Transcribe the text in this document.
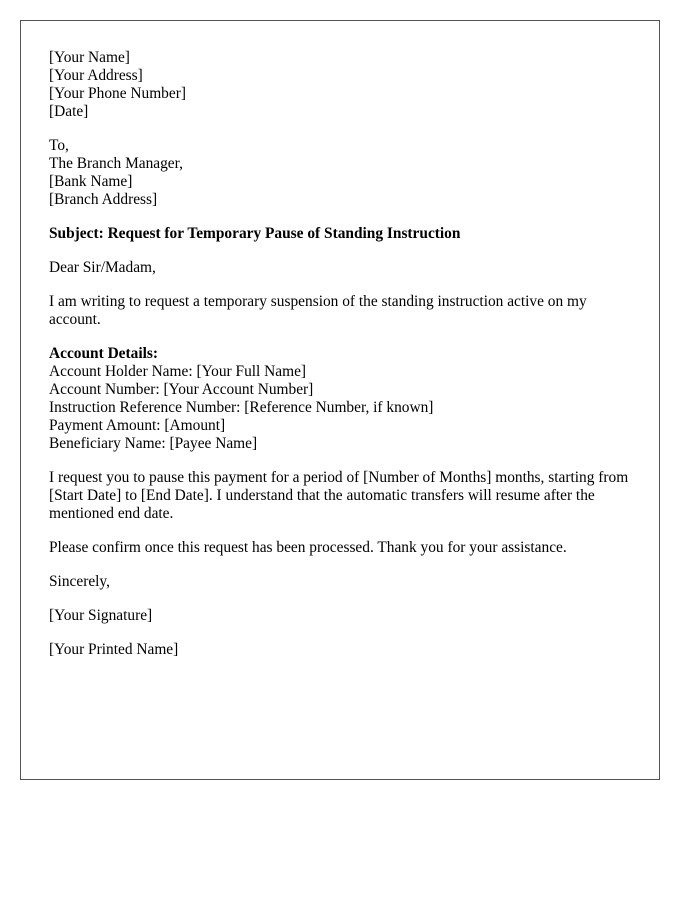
[Your Name]
[Your Address]
[Your Phone Number]
[Date]
To,
The Branch Manager,
[Bank Name]
[Branch Address]

Subject: Request for Temporary Pause of Standing Instruction

Dear Sir/Madam,

I am writing to request a temporary suspension of the standing instruction active on my account.

Account Details:
Account Holder Name: [Your Full Name]
Account Number: [Your Account Number]
Instruction Reference Number: [Reference Number, if known]
Payment Amount: [Amount]
Beneficiary Name: [Payee Name]

I request you to pause this payment for a period of [Number of Months] months, starting from [Start Date] to [End Date]. I understand that the automatic transfers will resume after the mentioned end date.

Please confirm once this request has been processed. Thank you for your assistance.

Sincerely,

[Your Signature]

[Your Printed Name]
